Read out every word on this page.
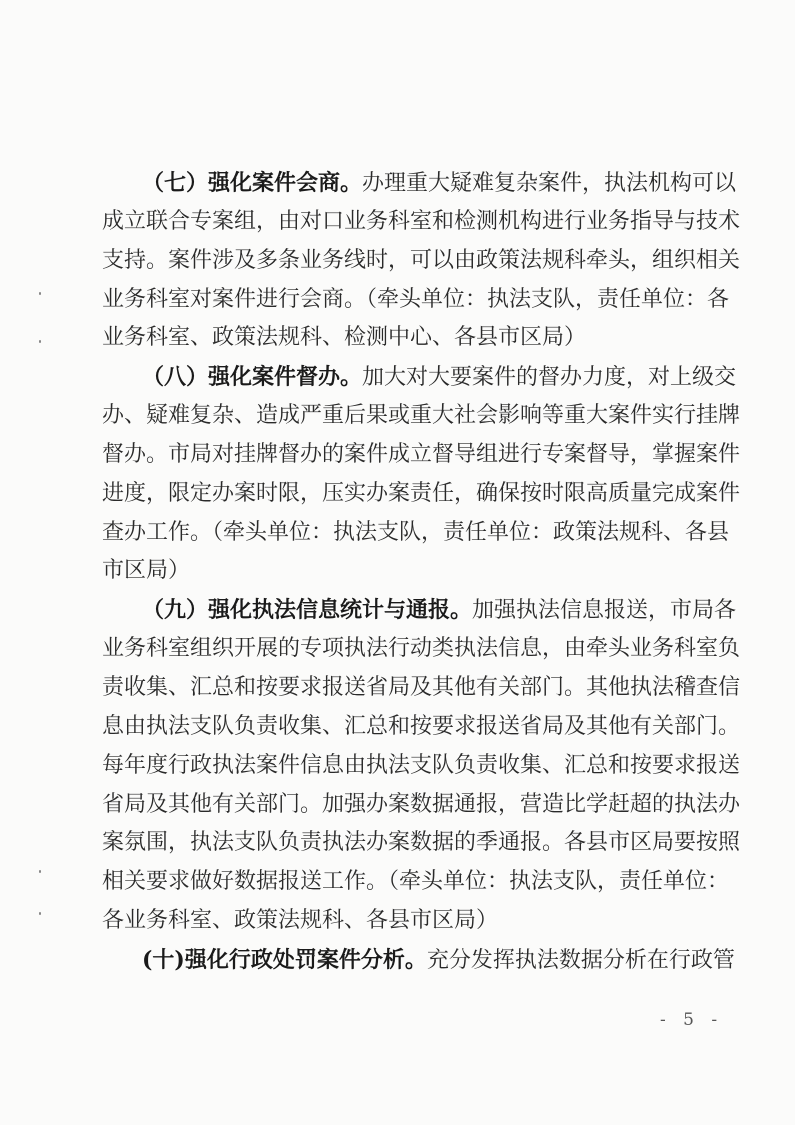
（七）强化案件会商。办理重大疑难复杂案件，执法机构可以
成立联合专案组，由对口业务科室和检测机构进行业务指导与技术
支持。案件涉及多条业务线时，可以由政策法规科牵头，组织相关
业务科室对案件进行会商。（牵头单位：执法支队，责任单位：各
业务科室、政策法规科、检测中心、各县市区局）
（八）强化案件督办。加大对大要案件的督办力度，对上级交
办、疑难复杂、造成严重后果或重大社会影响等重大案件实行挂牌
督办。市局对挂牌督办的案件成立督导组进行专案督导，掌握案件
进度，限定办案时限，压实办案责任，确保按时限高质量完成案件
查办工作。（牵头单位：执法支队，责任单位：政策法规科、各县
市区局）
（九）强化执法信息统计与通报。加强执法信息报送，市局各
业务科室组织开展的专项执法行动类执法信息，由牵头业务科室负
责收集、汇总和按要求报送省局及其他有关部门。其他执法稽查信
息由执法支队负责收集、汇总和按要求报送省局及其他有关部门。
每年度行政执法案件信息由执法支队负责收集、汇总和按要求报送
省局及其他有关部门。加强办案数据通报，营造比学赶超的执法办
案氛围，执法支队负责执法办案数据的季通报。各县市区局要按照
相关要求做好数据报送工作。（牵头单位：执法支队，责任单位：
各业务科室、政策法规科、各县市区局）
(十)强化行政处罚案件分析。充分发挥执法数据分析在行政管
- 5 -
